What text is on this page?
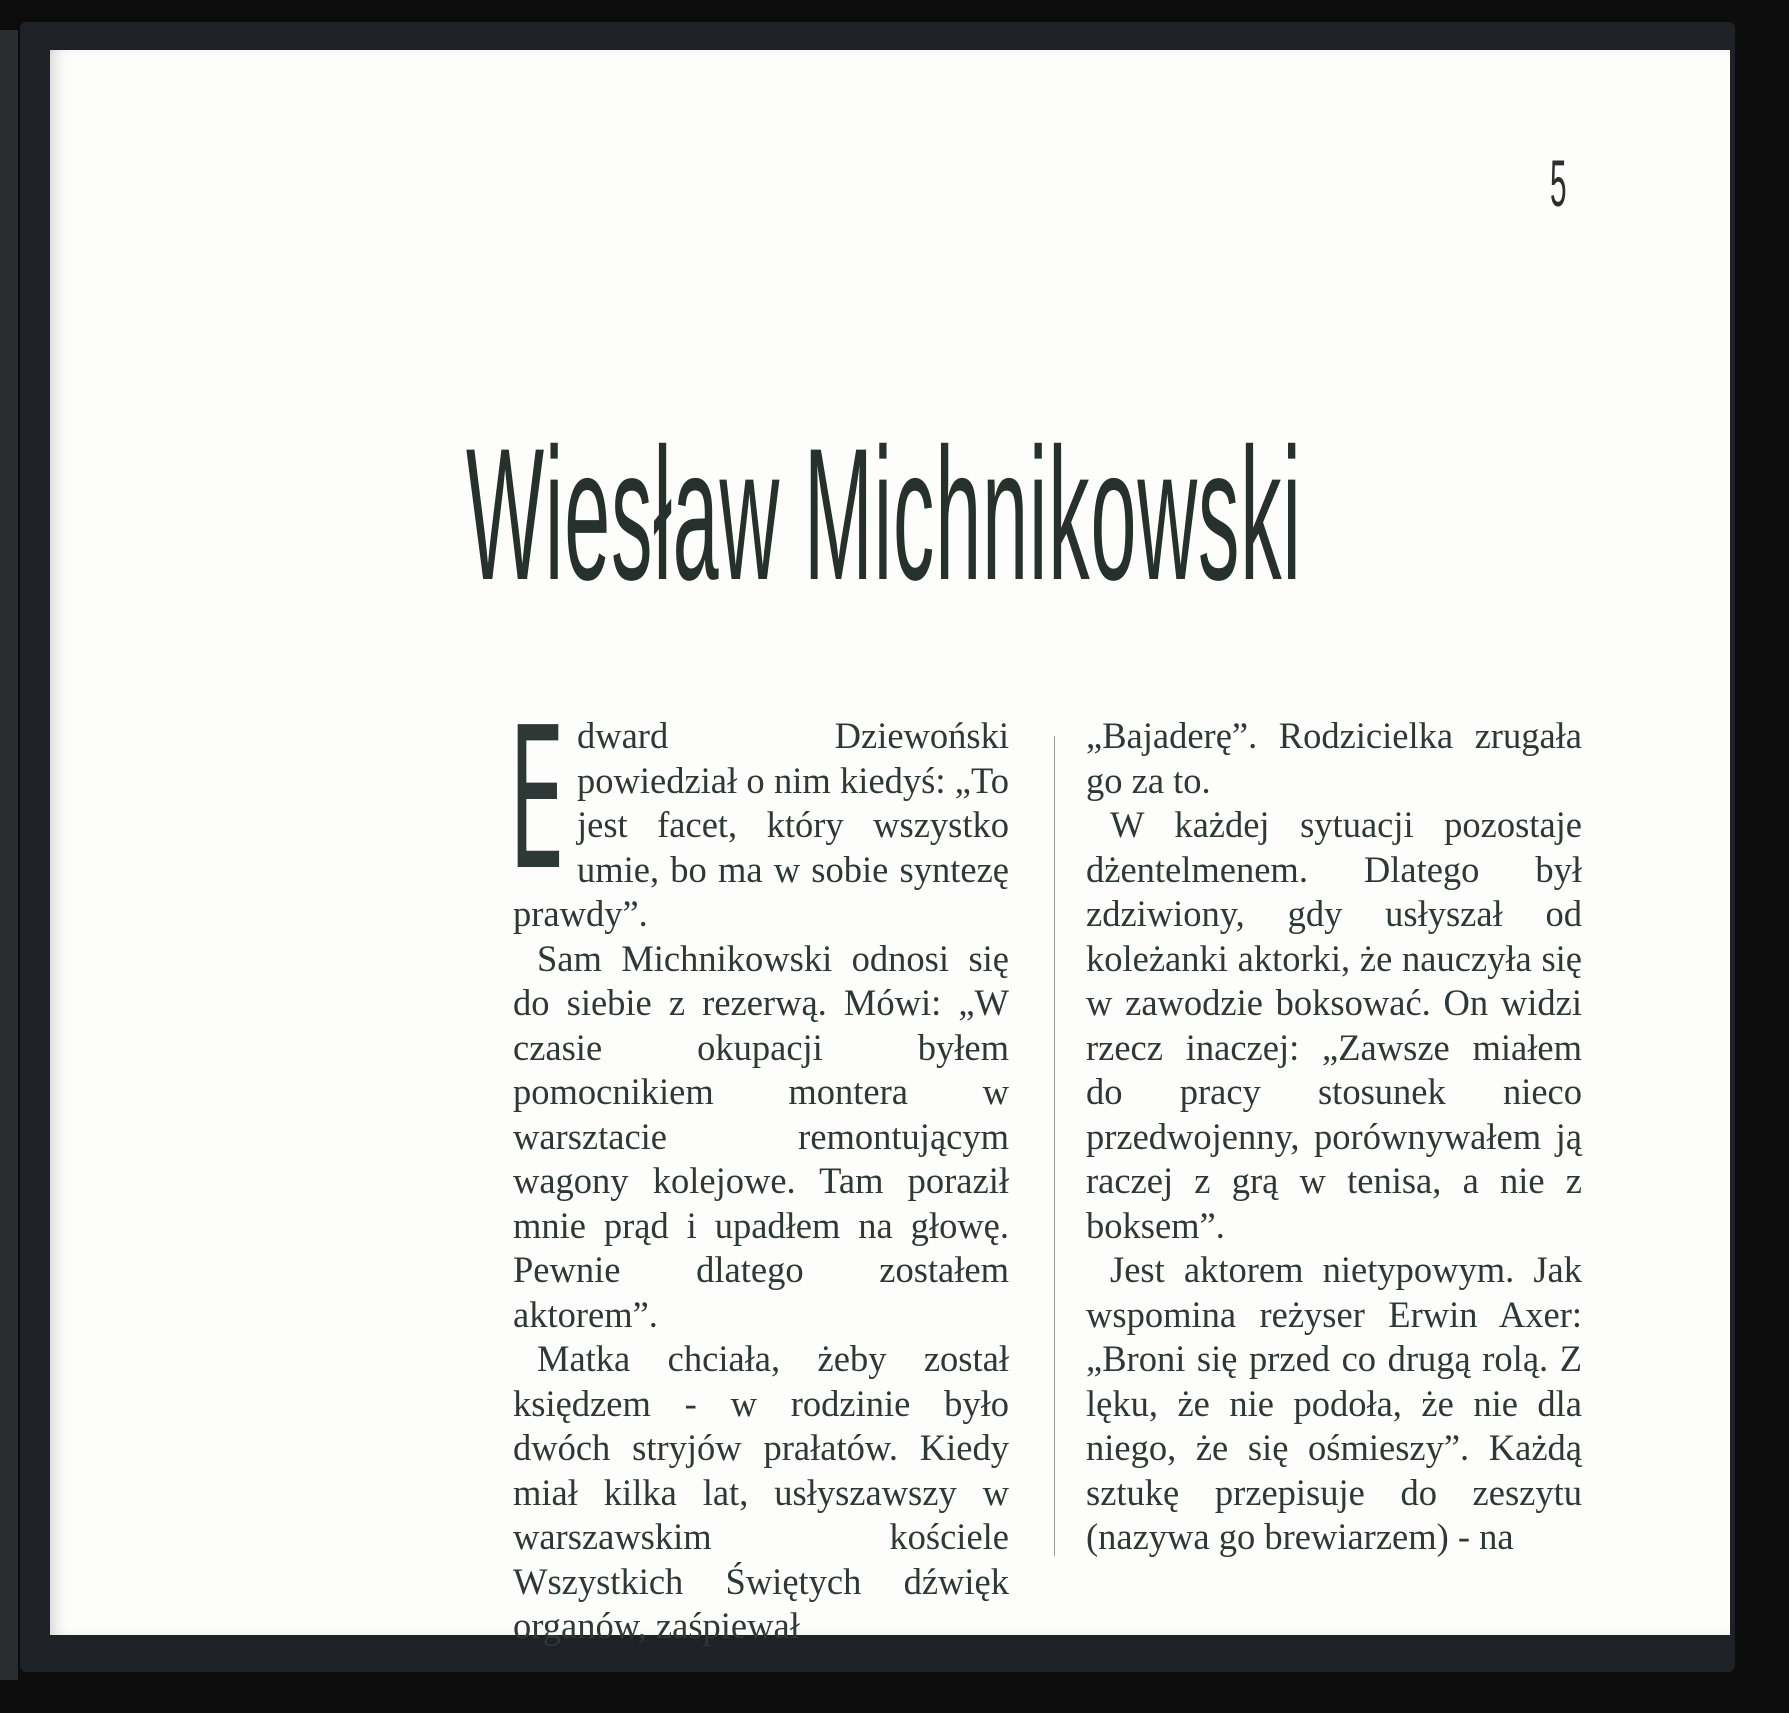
5
Wiesław Michnikowski

Edward Dziewoński powiedział o nim kiedyś: „To jest facet, który wszystko umie, bo ma w sobie syntezę prawdy”.

Sam Michnikowski odnosi się do siebie z rezerwą. Mówi: „W czasie okupacji byłem pomocnikiem montera w warsztacie remontującym wagony kolejowe. Tam poraził mnie prąd i upadłem na głowę. Pewnie dlatego zostałem aktorem”.

Matka chciała, żeby został księdzem - w rodzinie było dwóch stryjów prałatów. Kiedy miał kilka lat, usłyszawszy w warszawskim kościele Wszystkich Świętych dźwięk organów, zaśpiewał

„Bajaderę”. Rodzicielka zrugała go za to.

W każdej sytuacji pozostaje dżentelmenem. Dlatego był zdziwiony, gdy usłyszał od koleżanki aktorki, że nauczyła się w zawodzie boksować. On widzi rzecz inaczej: „Zawsze miałem do pracy stosunek nieco przedwojenny, porównywałem ją raczej z grą w tenisa, a nie z boksem”.

Jest aktorem nietypowym. Jak wspomina reżyser Erwin Axer: „Broni się przed co drugą rolą. Z lęku, że nie podoła, że nie dla niego, że się ośmieszy”. Każdą sztukę przepisuje do zeszytu (nazywa go brewiarzem) - na
